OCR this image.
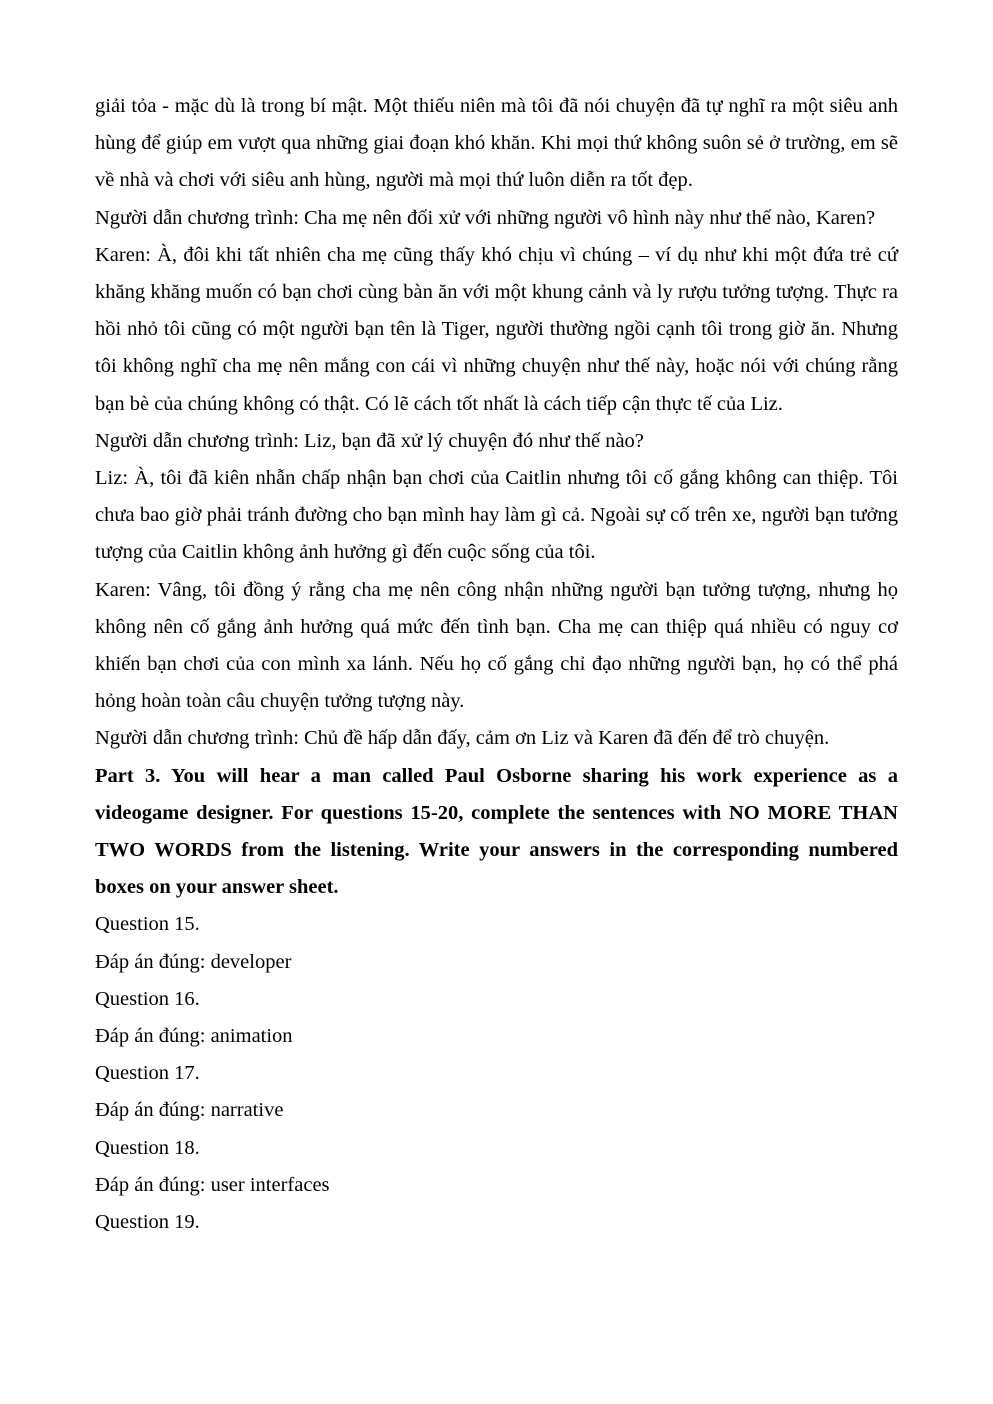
giải tỏa - mặc dù là trong bí mật. Một thiếu niên mà tôi đã nói chuyện đã tự nghĩ ra một siêu anh hùng để giúp em vượt qua những giai đoạn khó khăn. Khi mọi thứ không suôn sẻ ở trường, em sẽ về nhà và chơi với siêu anh hùng, người mà mọi thứ luôn diễn ra tốt đẹp.

Người dẫn chương trình: Cha mẹ nên đối xử với những người vô hình này như thế nào, Karen?

Karen: À, đôi khi tất nhiên cha mẹ cũng thấy khó chịu vì chúng – ví dụ như khi một đứa trẻ cứ khăng khăng muốn có bạn chơi cùng bàn ăn với một khung cảnh và ly rượu tưởng tượng. Thực ra hồi nhỏ tôi cũng có một người bạn tên là Tiger, người thường ngồi cạnh tôi trong giờ ăn. Nhưng tôi không nghĩ cha mẹ nên mắng con cái vì những chuyện như thế này, hoặc nói với chúng rằng bạn bè của chúng không có thật. Có lẽ cách tốt nhất là cách tiếp cận thực tế của Liz.

Người dẫn chương trình: Liz, bạn đã xử lý chuyện đó như thế nào?

Liz: À, tôi đã kiên nhẫn chấp nhận bạn chơi của Caitlin nhưng tôi cố gắng không can thiệp. Tôi chưa bao giờ phải tránh đường cho bạn mình hay làm gì cả. Ngoài sự cố trên xe, người bạn tưởng tượng của Caitlin không ảnh hưởng gì đến cuộc sống của tôi.

Karen: Vâng, tôi đồng ý rằng cha mẹ nên công nhận những người bạn tưởng tượng, nhưng họ không nên cố gắng ảnh hưởng quá mức đến tình bạn. Cha mẹ can thiệp quá nhiều có nguy cơ khiến bạn chơi của con mình xa lánh. Nếu họ cố gắng chỉ đạo những người bạn, họ có thể phá hỏng hoàn toàn câu chuyện tưởng tượng này.

Người dẫn chương trình: Chủ đề hấp dẫn đấy, cảm ơn Liz và Karen đã đến để trò chuyện.

Part 3. You will hear a man called Paul Osborne sharing his work experience as a videogame designer. For questions 15-20, complete the sentences with NO MORE THAN TWO WORDS from the listening. Write your answers in the corresponding numbered boxes on your answer sheet.

Question 15.

Đáp án đúng: developer

Question 16.

Đáp án đúng: animation

Question 17.

Đáp án đúng: narrative

Question 18.

Đáp án đúng: user interfaces

Question 19.
